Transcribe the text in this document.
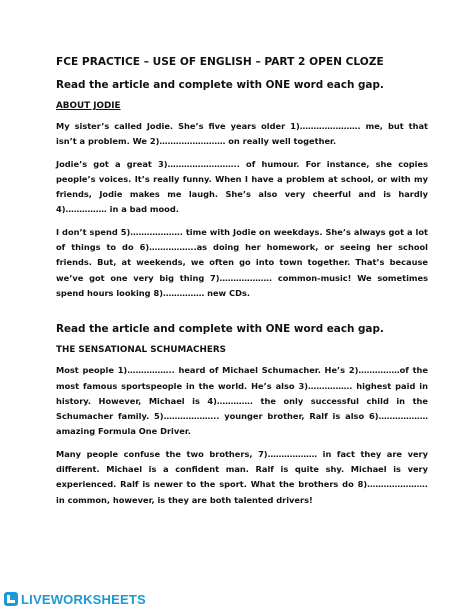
FCE PRACTICE – USE OF ENGLISH – PART 2 OPEN CLOZE
Read the article and complete with ONE word each gap.
ABOUT JODIE

My sister’s called Jodie. She’s five years older 1)…………………. me, but that isn’t a problem. We 2)…………………… on really well together.

Jodie’s got a great 3)…………………….. of humour. For instance, she copies people’s voices. It’s really funny. When I have a problem at school, or with my friends, Jodie makes me laugh. She’s also very cheerful and is hardly 4)…………… in a bad mood.

I don’t spend 5)………………. time with Jodie on weekdays. She’s always got a lot of things to do 6)……………..as doing her homework, or seeing her school friends. But, at weekends, we often go into town together. That’s because we’ve got one very big thing 7)………………. common-music! We sometimes spend hours looking 8)…………… new CDs.

Read the article and complete with ONE word each gap.
THE SENSATIONAL SCHUMACHERS

Most people 1)…………….. heard of Michael Schumacher. He’s 2)……………of the most famous sportspeople in the world. He’s also 3)……………. highest paid in history. However, Michael is 4)…………. the only successful child in the Schumacher family. 5)……………….. younger brother, Ralf is also 6)……………… amazing Formula One Driver.

Many people confuse the two brothers, 7)……………… in fact they are very different. Michael is a confident man. Ralf is quite shy. Michael is very experienced. Ralf is newer to the sport. What the brothers do 8)…………………. in common, however, is they are both talented drivers!

LIVEWORKSHEETS
